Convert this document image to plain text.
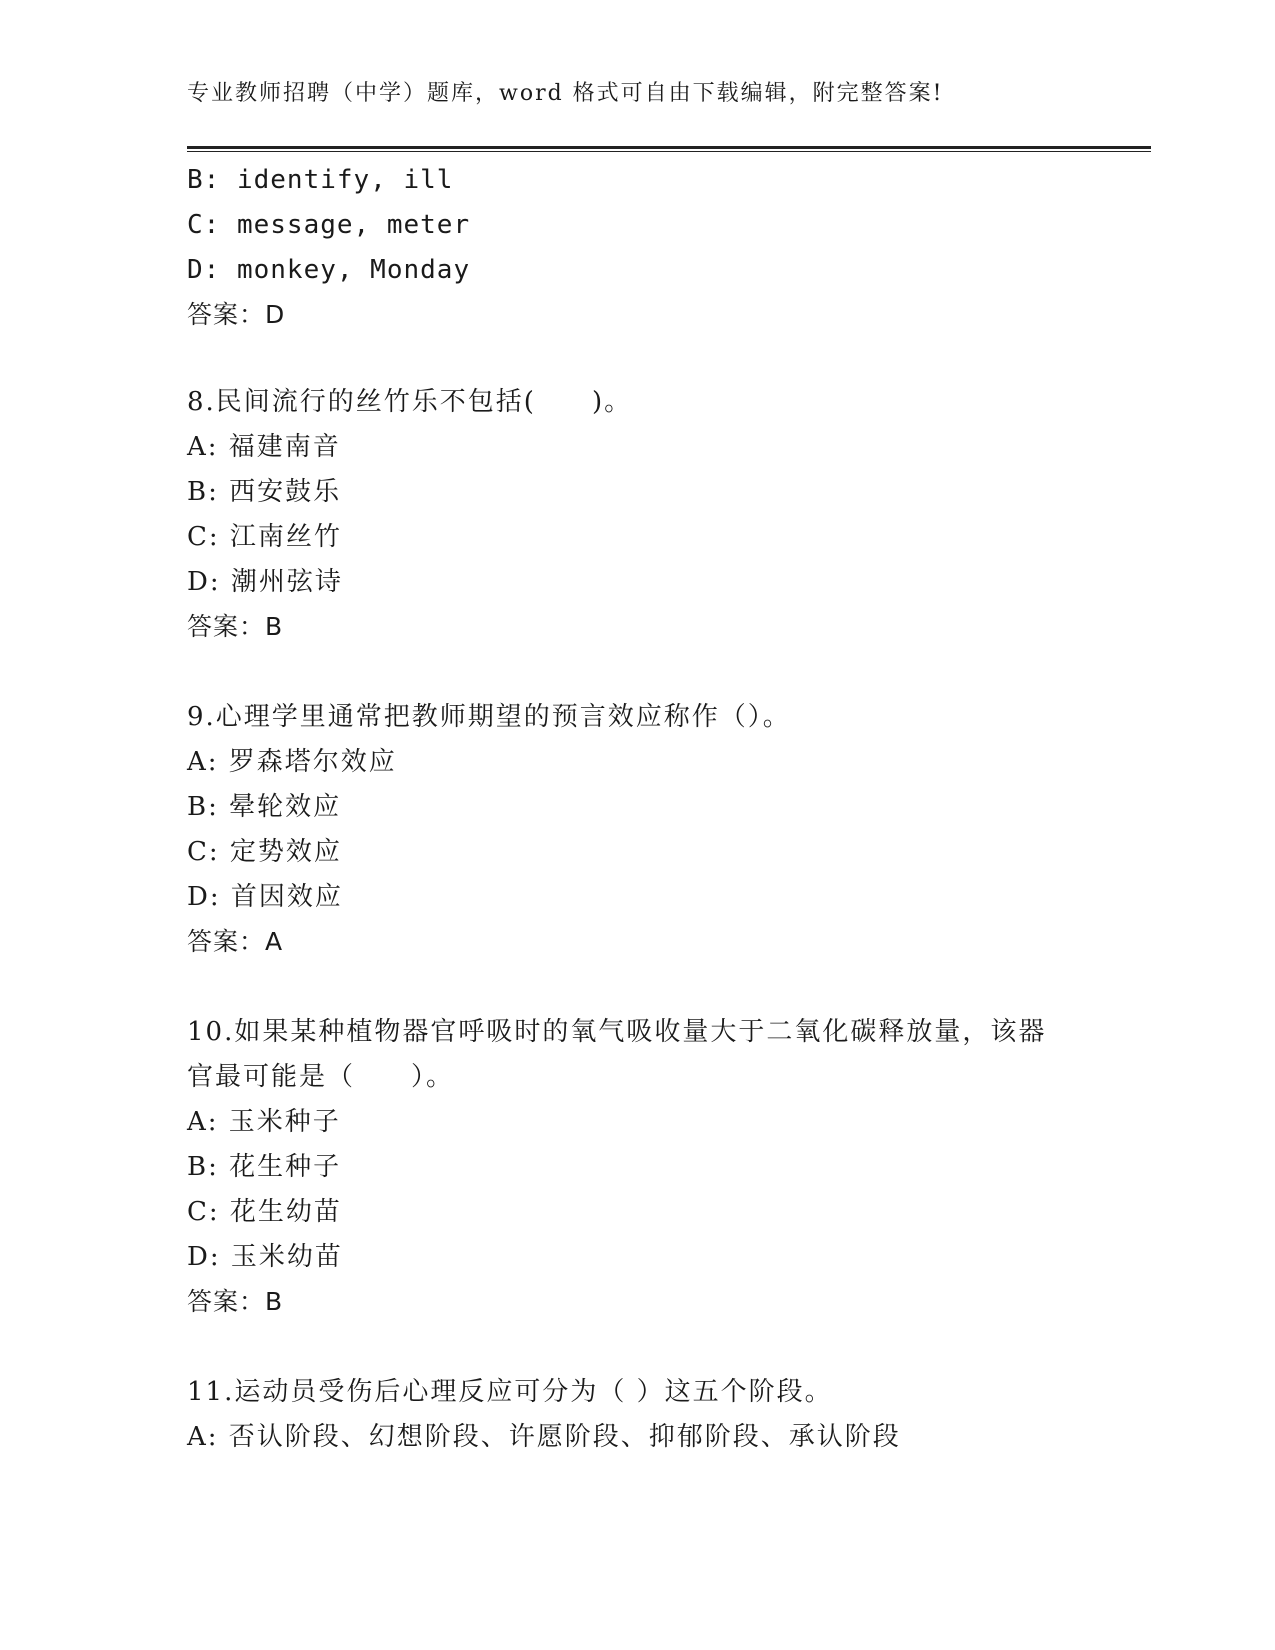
专业教师招聘（中学）题库，word 格式可自由下载编辑，附完整答案!
B: identify, ill
C: message, meter
D: monkey, Monday
答案：D
8.民间流行的丝竹乐不包括(　　)。
A: 福建南音
B: 西安鼓乐
C: 江南丝竹
D: 潮州弦诗
答案：B
9.心理学里通常把教师期望的预言效应称作（）。
A: 罗森塔尔效应
B: 晕轮效应
C: 定势效应
D: 首因效应
答案：A
10.如果某种植物器官呼吸时的氧气吸收量大于二氧化碳释放量，该器
官最可能是（　　）。
A: 玉米种子
B: 花生种子
C: 花生幼苗
D: 玉米幼苗
答案：B
11.运动员受伤后心理反应可分为（ ）这五个阶段。
A: 否认阶段、幻想阶段、许愿阶段、抑郁阶段、承认阶段
